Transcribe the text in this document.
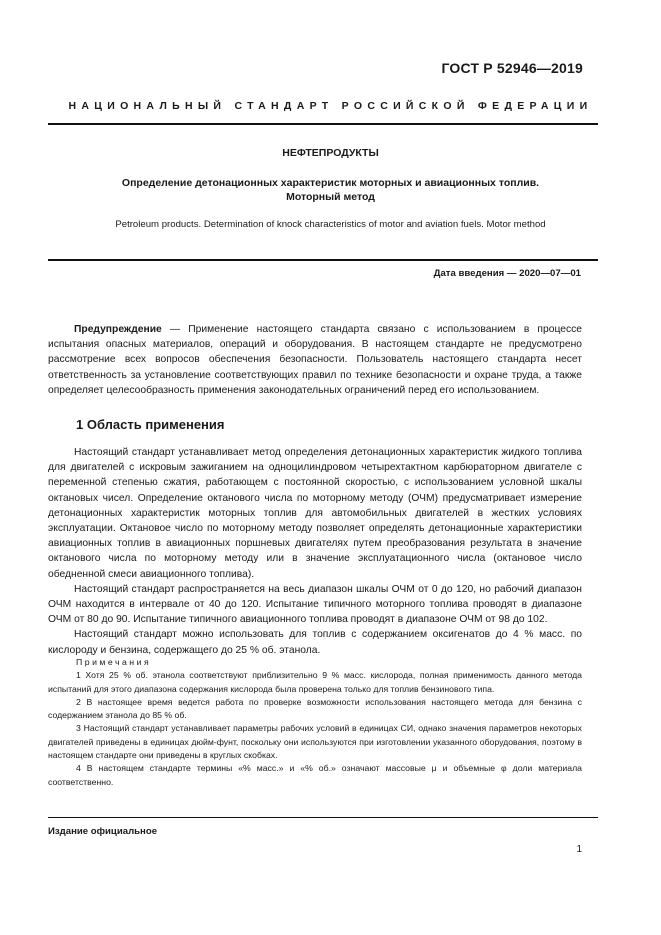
ГОСТ Р 52946—2019
НАЦИОНАЛЬНЫЙ СТАНДАРТ РОССИЙСКОЙ ФЕДЕРАЦИИ
НЕФТЕПРОДУКТЫ
Определение детонационных характеристик моторных и авиационных топлив.
Моторный метод
Petroleum products. Determination of knock characteristics of motor and aviation fuels. Motor method
Дата введения — 2020—07—01

Предупреждение — Применение настоящего стандарта связано с использованием в процессе испытания опасных материалов, операций и оборудования. В настоящем стандарте не предусмотрено рассмотрение всех вопросов обеспечения безопасности. Пользователь настоящего стандарта несет ответственность за установление соответствующих правил по технике безопасности и охране труда, а также определяет целесообразность применения законодательных ограничений перед его использованием.

1 Область применения

Настоящий стандарт устанавливает метод определения детонационных характеристик жидкого топлива для двигателей с искровым зажиганием на одноцилиндровом четырехтактном карбюраторном двигателе с переменной степенью сжатия, работающем с постоянной скоростью, с использованием условной шкалы октановых чисел. Определение октанового числа по моторному методу (ОЧМ) предусматривает измерение детонационных характеристик моторных топлив для автомобильных двигателей в жестких условиях эксплуатации. Октановое число по моторному методу позволяет определять детонационные характеристики авиационных топлив в авиационных поршневых двигателях путем преобразования результата в значение октанового числа по моторному методу или в значение эксплуатационного числа (октановое число обедненной смеси авиационного топлива).

Настоящий стандарт распространяется на весь диапазон шкалы ОЧМ от 0 до 120, но рабочий диапазон ОЧМ находится в интервале от 40 до 120. Испытание типичного моторного топлива проводят в диапазоне ОЧМ от 80 до 90. Испытание типичного авиационного топлива проводят в диапазоне ОЧМ от 98 до 102.

Настоящий стандарт можно использовать для топлив с содержанием оксигенатов до 4 % масс. по кислороду и бензина, содержащего до 25 % об. этанола.

Примечания

1 Хотя 25 % об. этанола соответствуют приблизительно 9 % масс. кислорода, полная применимость данного метода испытаний для этого диапазона содержания кислорода была проверена только для топлив бензинового типа.

2 В настоящее время ведется работа по проверке возможности использования настоящего метода для бензина с содержанием этанола до 85 % об.

3 Настоящий стандарт устанавливает параметры рабочих условий в единицах СИ, однако значения параметров некоторых двигателей приведены в единицах дюйм-фунт, поскольку они используются при изготовлении указанного оборудования, поэтому в настоящем стандарте они приведены в круглых скобках.

4 В настоящем стандарте термины «% масс.» и «% об.» означают массовые μ и объемные φ доли материала соответственно.

Издание официальное
1
